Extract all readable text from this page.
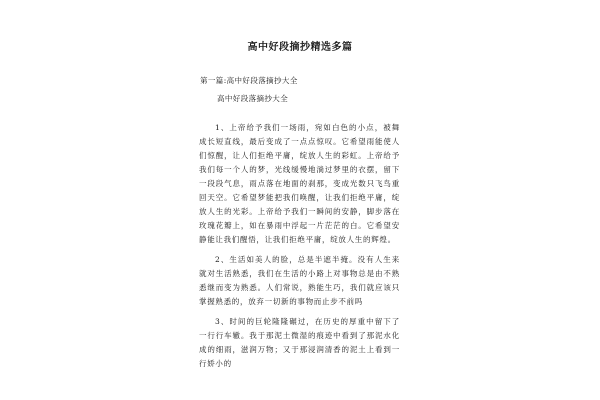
高中好段摘抄精选多篇
第一篇:高中好段落摘抄大全
高中好段落摘抄大全

1、上帝给予我们一场雨，宛如白色的小点，被舞成长短直线，最后变成了一点点惊叹。它希望雨能使人们惊醒，让人们拒绝平庸，绽放人生的彩虹。上帝给予我们每一个人的梦，光线缓慢地淌过梦里的衣摆，留下一段段气息，雨点落在地面的刹那，变成光数只飞鸟重回天空。它希望梦能把我们唤醒，让我们拒绝平庸，绽放人生的光彩。上帝给予我们一瞬间的安静，脚步落在玫瑰花瓣上，如在暴雨中浮起一片茫茫的白。它希望安静能让我们醒悟，让我们拒绝平庸，绽放人生的辉煌。

2、生活如美人的脸，总是半遮半掩。没有人生来就对生活熟悉，我们在生活的小路上对事物总是由不熟悉继而变为熟悉。人们常说，熟能生巧，我们就应该只掌握熟悉的，放弃一切新的事物而止步不前吗

3、时间的巨轮隆隆碾过，在历史的厚重中留下了一行行车辙。我于那泥土微湿的痕迹中看到了那泥水化成的细雨，滋润万物；又于那浸润清香的泥土上看到一行娇小的
